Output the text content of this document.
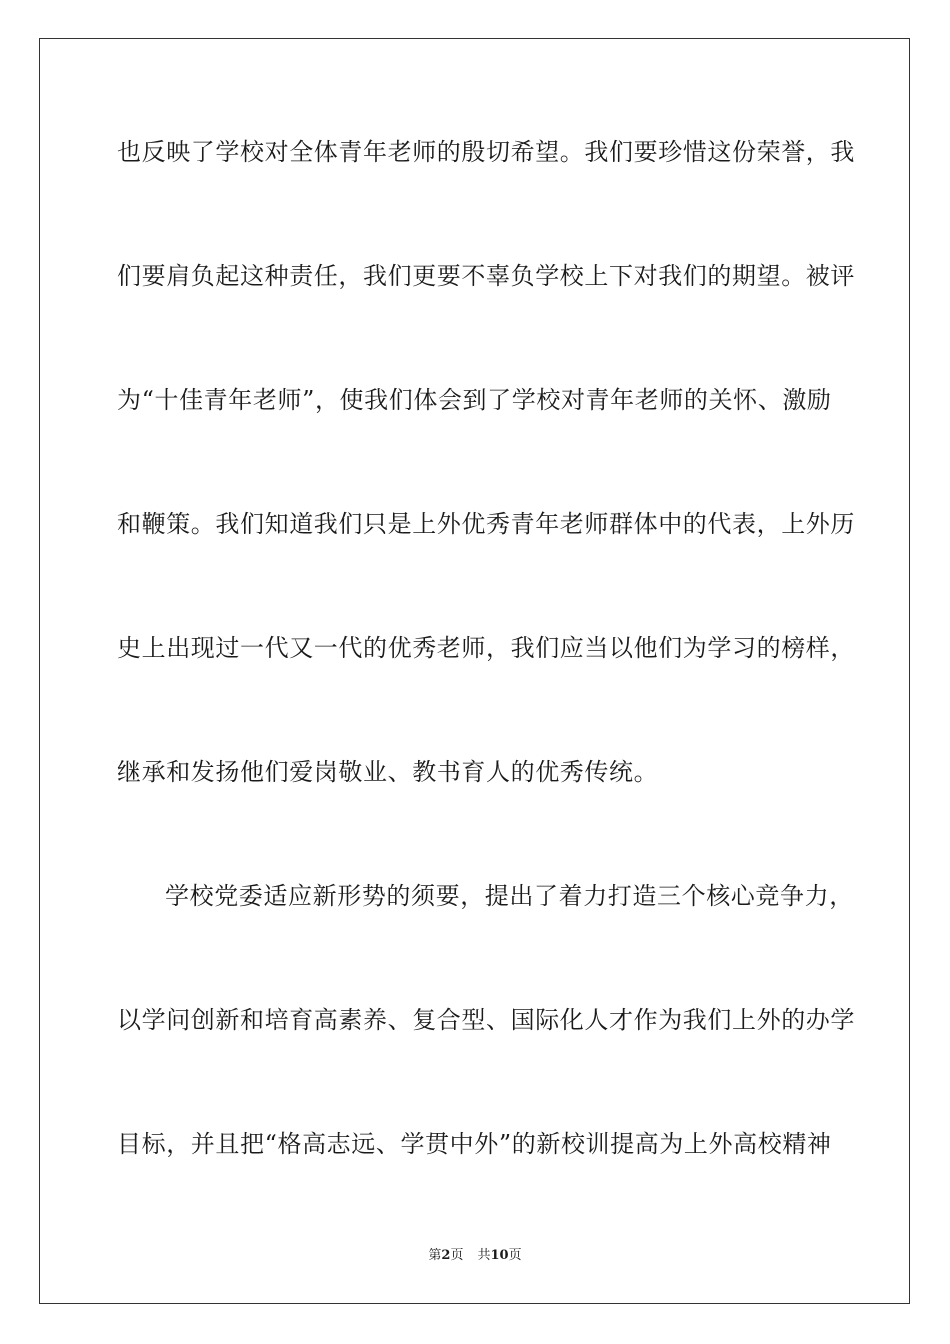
也反映了学校对全体青年老师的殷切希望。我们要珍惜这份荣誉，我
们要肩负起这种责任，我们更要不辜负学校上下对我们的期望。被评
为“十佳青年老师”，使我们体会到了学校对青年老师的关怀、激励
和鞭策。我们知道我们只是上外优秀青年老师群体中的代表，上外历
史上出现过一代又一代的优秀老师，我们应当以他们为学习的榜样，
继承和发扬他们爱岗敬业、教书育人的优秀传统。
学校党委适应新形势的须要，提出了着力打造三个核心竞争力，
以学问创新和培育高素养、复合型、国际化人才作为我们上外的办学
目标，并且把“格高志远、学贯中外”的新校训提高为上外高校精神
第2页 共10页
